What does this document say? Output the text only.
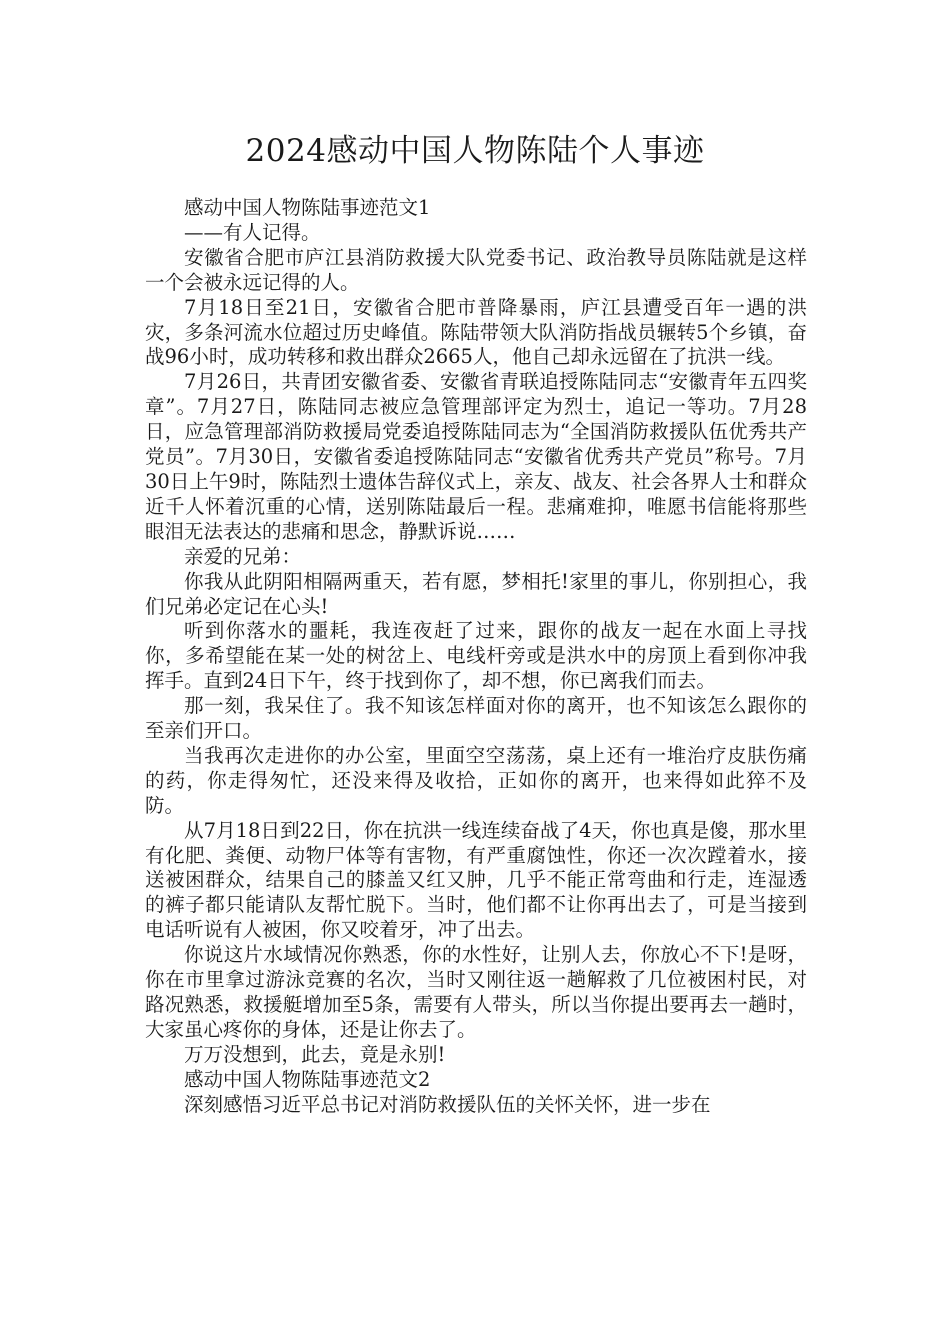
2024感动中国人物陈陆个人事迹

感动中国人物陈陆事迹范文1

——有人记得。

安徽省合肥市庐江县消防救援大队党委书记、政治教导员陈陆就是这样一个会被永远记得的人。

7月18日至21日，安徽省合肥市普降暴雨，庐江县遭受百年一遇的洪灾，多条河流水位超过历史峰值。陈陆带领大队消防指战员辗转5个乡镇，奋战96小时，成功转移和救出群众2665人，他自己却永远留在了抗洪一线。

7月26日，共青团安徽省委、安徽省青联追授陈陆同志“安徽青年五四奖章”。7月27日，陈陆同志被应急管理部评定为烈士，追记一等功。7月28日，应急管理部消防救援局党委追授陈陆同志为“全国消防救援队伍优秀共产党员”。7月30日，安徽省委追授陈陆同志“安徽省优秀共产党员”称号。7月30日上午9时，陈陆烈士遗体告辞仪式上，亲友、战友、社会各界人士和群众近千人怀着沉重的心情，送别陈陆最后一程。悲痛难抑，唯愿书信能将那些眼泪无法表达的悲痛和思念，静默诉说……

亲爱的兄弟：

你我从此阴阳相隔两重天，若有愿，梦相托!家里的事儿，你别担心，我们兄弟必定记在心头!

听到你落水的噩耗，我连夜赶了过来，跟你的战友一起在水面上寻找你，多希望能在某一处的树岔上、电线杆旁或是洪水中的房顶上看到你冲我挥手。直到24日下午，终于找到你了，却不想，你已离我们而去。

那一刻，我呆住了。我不知该怎样面对你的离开，也不知该怎么跟你的至亲们开口。

当我再次走进你的办公室，里面空空荡荡，桌上还有一堆治疗皮肤伤痛的药，你走得匆忙，还没来得及收拾，正如你的离开，也来得如此猝不及防。

从7月18日到22日，你在抗洪一线连续奋战了4天，你也真是傻，那水里有化肥、粪便、动物尸体等有害物，有严重腐蚀性，你还一次次蹚着水，接送被困群众，结果自己的膝盖又红又肿，几乎不能正常弯曲和行走，连湿透的裤子都只能请队友帮忙脱下。当时，他们都不让你再出去了，可是当接到电话听说有人被困，你又咬着牙，冲了出去。

你说这片水域情况你熟悉，你的水性好，让别人去，你放心不下!是呀，你在市里拿过游泳竞赛的名次，当时又刚往返一趟解救了几位被困村民，对路况熟悉，救援艇增加至5条，需要有人带头，所以当你提出要再去一趟时，大家虽心疼你的身体，还是让你去了。

万万没想到，此去，竟是永别!

感动中国人物陈陆事迹范文2

深刻感悟习近平总书记对消防救援队伍的关怀关怀，进一步在
